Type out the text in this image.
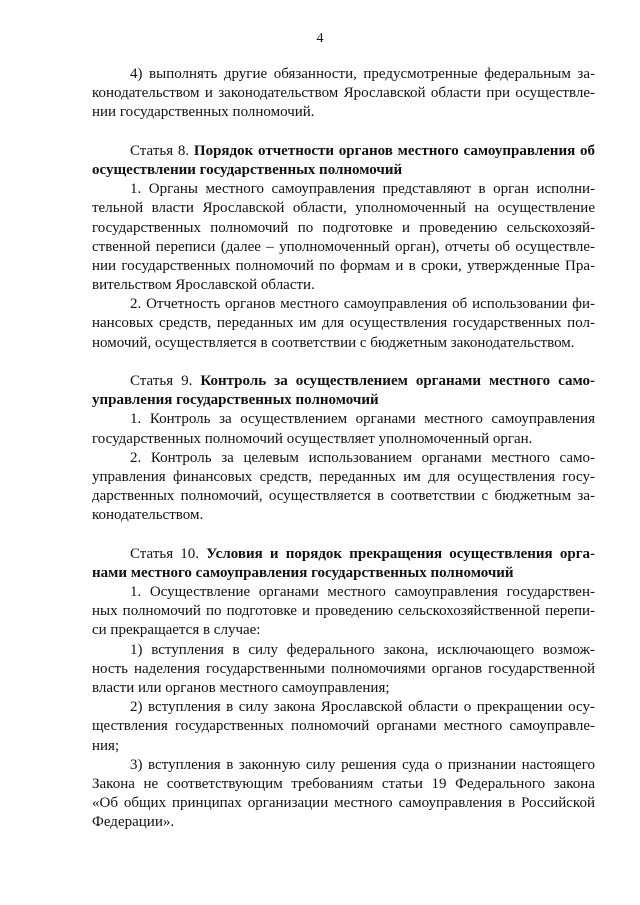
4
4) выполнять другие обязанности, предусмотренные федеральным за-
конодательством и законодательством Ярославской области при осуществле-
нии государственных полномочий.
Статья 8. Порядок отчетности органов местного самоуправления об
осуществлении государственных полномочий
1. Органы местного самоуправления представляют в орган исполни-
тельной власти Ярославской области, уполномоченный на осуществление
государственных полномочий по подготовке и проведению сельскохозяй-
ственной переписи (далее – уполномоченный орган), отчеты об осуществле-
нии государственных полномочий по формам и в сроки, утвержденные Пра-
вительством Ярославской области.
2. Отчетность органов местного самоуправления об использовании фи-
нансовых средств, переданных им для осуществления государственных пол-
номочий, осуществляется в соответствии с бюджетным законодательством.
Статья 9. Контроль за осуществлением органами местного само-
управления государственных полномочий
1. Контроль за осуществлением органами местного самоуправления
государственных полномочий осуществляет уполномоченный орган.
2. Контроль за целевым использованием органами местного само-
управления финансовых средств, переданных им для осуществления госу-
дарственных полномочий, осуществляется в соответствии с бюджетным за-
конодательством.
Статья 10. Условия и порядок прекращения осуществления орга-
нами местного самоуправления государственных полномочий
1. Осуществление органами местного самоуправления государствен-
ных полномочий по подготовке и проведению сельскохозяйственной перепи-
си прекращается в случае:
1) вступления в силу федерального закона, исключающего возмож-
ность наделения государственными полномочиями органов государственной
власти или органов местного самоуправления;
2) вступления в силу закона Ярославской области о прекращении осу-
ществления государственных полномочий органами местного самоуправле-
ния;
3) вступления в законную силу решения суда о признании настоящего
Закона не соответствующим требованиям статьи 19 Федерального закона
«Об общих принципах организации местного самоуправления в Российской
Федерации».
